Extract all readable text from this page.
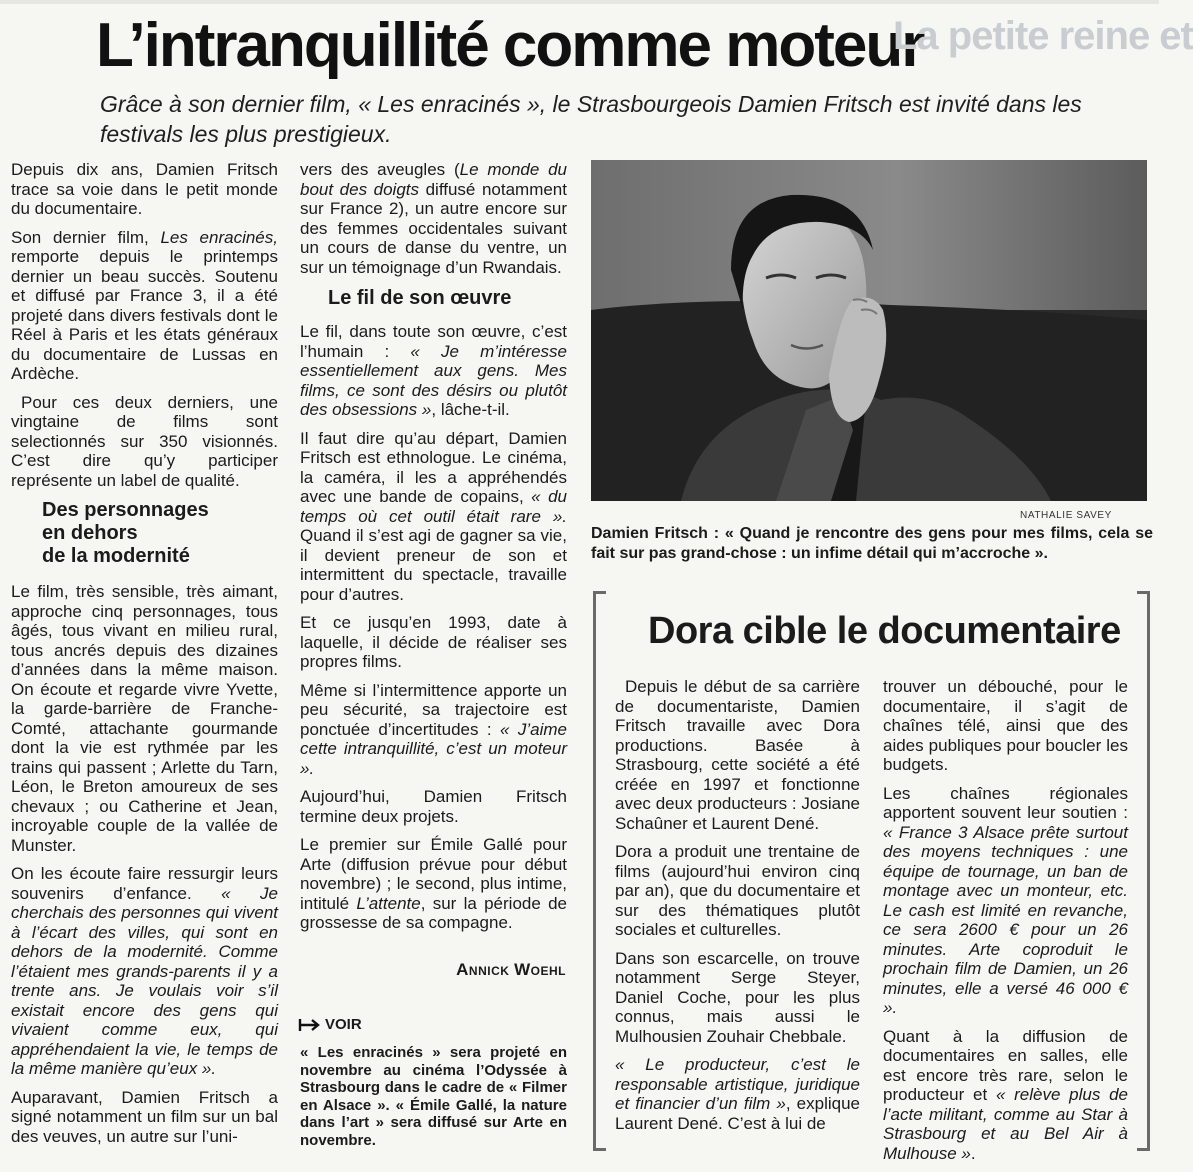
L’intranquillité comme moteur
La petite reine et

Grâce à son dernier film, « Les enracinés », le Strasbourgeois Damien Fritsch est invité dans les festivals les plus prestigieux.

Depuis dix ans, Damien Fritsch trace sa voie dans le petit monde du documentaire.

Son dernier film, Les enracinés, remporte depuis le printemps dernier un beau succès. Soutenu et diffusé par France 3, il a été projeté dans divers festivals dont le Réel à Paris et les états généraux du documentaire de Lussas en Ardèche.

Pour ces deux derniers, une vingtaine de films sont selectionnés sur 350 visionnés. C’est dire qu’y participer représente un label de qualité.

Des personnages
en dehors
de la modernité

Le film, très sensible, très aimant, approche cinq personnages, tous âgés, tous vivant en milieu rural, tous ancrés depuis des dizaines d’années dans la même maison. On écoute et regarde vivre Yvette, la garde-barrière de Franche-Comté, attachante gourmande dont la vie est rythmée par les trains qui passent ; Arlette du Tarn, Léon, le Breton amoureux de ses chevaux ; ou Catherine et Jean, incroyable couple de la vallée de Munster.

On les écoute faire ressurgir leurs souvenirs d’enfance. « Je cherchais des personnes qui vivent à l’écart des villes, qui sont en dehors de la modernité. Comme l’étaient mes grands-parents il y a trente ans. Je voulais voir s’il existait encore des gens qui vivaient comme eux, qui appréhendaient la vie, le temps de la même manière qu’eux ».

Auparavant, Damien Fritsch a signé notamment un film sur un bal des veuves, un autre sur l’uni-

vers des aveugles (Le monde du bout des doigts diffusé notamment sur France 2), un autre encore sur des femmes occidentales suivant un cours de danse du ventre, un sur un témoignage d’un Rwandais.

Le fil de son œuvre

Le fil, dans toute son œuvre, c’est l’humain : « Je m’intéresse essentiellement aux gens. Mes films, ce sont des désirs ou plutôt des obsessions », lâche-t-il.

Il faut dire qu’au départ, Damien Fritsch est ethnologue. Le cinéma, la caméra, il les a appréhendés avec une bande de copains, « du temps où cet outil était rare ». Quand il s’est agi de gagner sa vie, il devient preneur de son et intermittent du spectacle, travaille pour d’autres.

Et ce jusqu’en 1993, date à laquelle, il décide de réaliser ses propres films.

Même si l’intermittence apporte un peu sécurité, sa trajectoire est ponctuée d’incertitudes : « J’aime cette intranquillité, c’est un moteur ».

Aujourd’hui, Damien Fritsch termine deux projets.

Le premier sur Émile Gallé pour Arte (diffusion prévue pour début novembre) ; le second, plus intime, intitulé L’attente, sur la période de grossesse de sa compagne.

Annick Woehl
VOIR
« Les enracinés » sera projeté en novembre au cinéma l’Odyssée à Strasbourg dans le cadre de « Filmer en Alsace ». « Émile Gallé, la nature dans l’art » sera diffusé sur Arte en novembre.
NATHALIE SAVEY
Damien Fritsch : « Quand je rencontre des gens pour mes films, cela se fait sur pas grand-chose : un infime détail qui m’accroche ».
Dora cible le documentaire

Depuis le début de sa carrière de documentariste, Damien Fritsch travaille avec Dora productions. Basée à Strasbourg, cette société a été créée en 1997 et fonctionne avec deux producteurs : Josiane Schaûner et Laurent Dené.

Dora a produit une trentaine de films (aujourd’hui environ cinq par an), que du documentaire et sur des thématiques plutôt sociales et culturelles.

Dans son escarcelle, on trouve notamment Serge Steyer, Daniel Coche, pour les plus connus, mais aussi le Mulhousien Zouhair Chebbale.

« Le producteur, c’est le responsable artistique, juridique et financier d’un film », explique Laurent Dené. C’est à lui de

trouver un débouché, pour le documentaire, il s’agit de chaînes télé, ainsi que des aides publiques pour boucler les budgets.

Les chaînes régionales apportent souvent leur soutien : « France 3 Alsace prête surtout des moyens techniques : une équipe de tournage, un ban de montage avec un monteur, etc. Le cash est limité en revanche, ce sera 2600 € pour un 26 minutes. Arte coproduit le prochain film de Damien, un 26 minutes, elle a versé 46 000 € ».

Quant à la diffusion de documentaires en salles, elle est encore très rare, selon le producteur et « relève plus de l’acte militant, comme au Star à Strasbourg et au Bel Air à Mulhouse ».
